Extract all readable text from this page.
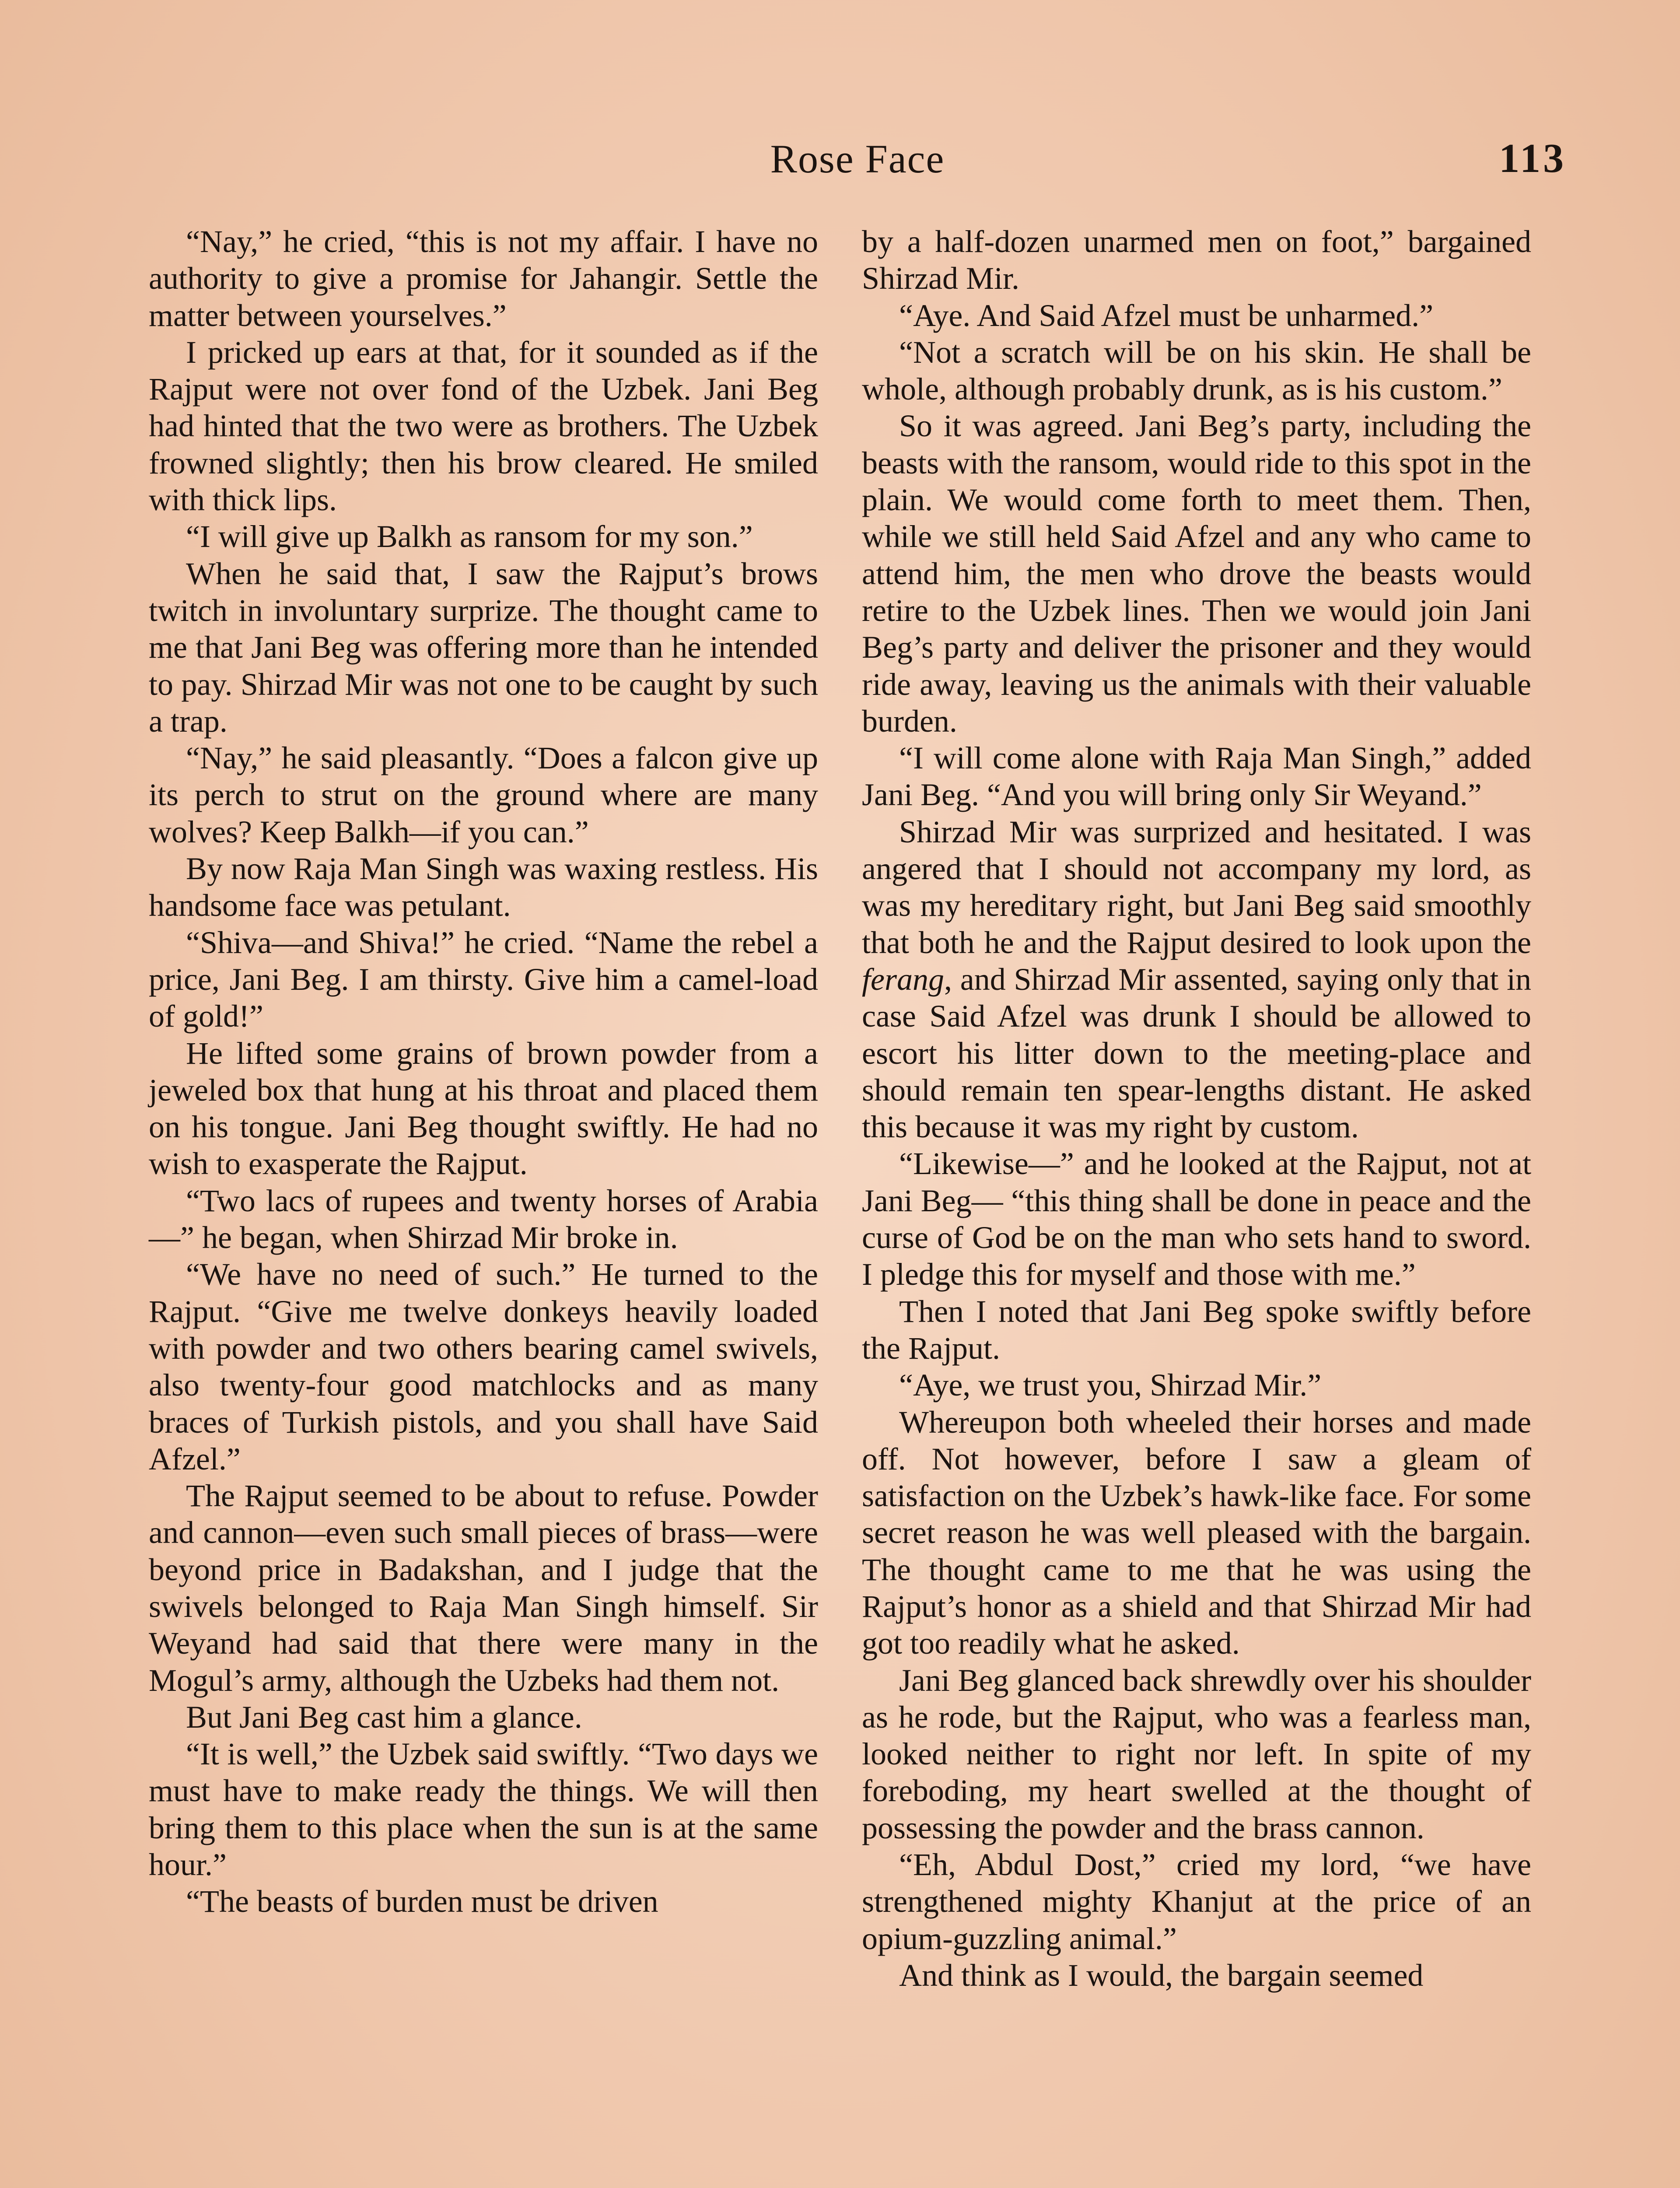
Rose Face	113

“Nay,” he cried, “this is not my affair. I have no authority to give a promise for Jahangir. Settle the matter between yourselves.”

I pricked up ears at that, for it sounded as if the Rajput were not over fond of the Uzbek. Jani Beg had hinted that the two were as brothers. The Uzbek frowned slightly; then his brow cleared. He smiled with thick lips.

“I will give up Balkh as ransom for my son.”

When he said that, I saw the Rajput’s brows twitch in involuntary surprize. The thought came to me that Jani Beg was offering more than he intended to pay. Shirzad Mir was not one to be caught by such a trap.

“Nay,” he said pleasantly. “Does a falcon give up its perch to strut on the ground where are many wolves? Keep Balkh—if you can.”

By now Raja Man Singh was waxing restless. His handsome face was petulant.

“Shiva—and Shiva!” he cried. “Name the rebel a price, Jani Beg. I am thirsty. Give him a camel-load of gold!”

He lifted some grains of brown powder from a jeweled box that hung at his throat and placed them on his tongue. Jani Beg thought swiftly. He had no wish to exasperate the Rajput.

“Two lacs of rupees and twenty horses of Arabia—” he began, when Shirzad Mir broke in.

“We have no need of such.” He turned to the Rajput. “Give me twelve donkeys heavily loaded with powder and two others bearing camel swivels, also twenty-four good matchlocks and as many braces of Turkish pistols, and you shall have Said Afzel.”

The Rajput seemed to be about to refuse. Powder and cannon—even such small pieces of brass—were beyond price in Badakshan, and I judge that the swivels belonged to Raja Man Singh himself. Sir Weyand had said that there were many in the Mogul’s army, although the Uzbeks had them not.

But Jani Beg cast him a glance.

“It is well,” the Uzbek said swiftly. “Two days we must have to make ready the things. We will then bring them to this place when the sun is at the same hour.”

“The beasts of burden must be driven

by a half-dozen unarmed men on foot,” bargained Shirzad Mir.

“Aye. And Said Afzel must be unharmed.”

“Not a scratch will be on his skin. He shall be whole, although probably drunk, as is his custom.”

So it was agreed. Jani Beg’s party, including the beasts with the ransom, would ride to this spot in the plain. We would come forth to meet them. Then, while we still held Said Afzel and any who came to attend him, the men who drove the beasts would retire to the Uzbek lines. Then we would join Jani Beg’s party and deliver the prisoner and they would ride away, leaving us the animals with their valuable burden.

“I will come alone with Raja Man Singh,” added Jani Beg. “And you will bring only Sir Weyand.”

Shirzad Mir was surprized and hesitated. I was angered that I should not accompany my lord, as was my hereditary right, but Jani Beg said smoothly that both he and the Rajput desired to look upon the ferang, and Shirzad Mir assented, saying only that in case Said Afzel was drunk I should be allowed to escort his litter down to the meeting-place and should remain ten spear-lengths distant. He asked this because it was my right by custom.

“Likewise—” and he looked at the Rajput, not at Jani Beg— “this thing shall be done in peace and the curse of God be on the man who sets hand to sword. I pledge this for myself and those with me.”

Then I noted that Jani Beg spoke swiftly before the Rajput.

“Aye, we trust you, Shirzad Mir.”

Whereupon both wheeled their horses and made off. Not however, before I saw a gleam of satisfaction on the Uzbek’s hawk-like face. For some secret reason he was well pleased with the bargain. The thought came to me that he was using the Rajput’s honor as a shield and that Shirzad Mir had got too readily what he asked.

Jani Beg glanced back shrewdly over his shoulder as he rode, but the Rajput, who was a fearless man, looked neither to right nor left. In spite of my foreboding, my heart swelled at the thought of possessing the powder and the brass cannon.

“Eh, Abdul Dost,” cried my lord, “we have strengthened mighty Khanjut at the price of an opium-guzzling animal.”

And think as I would, the bargain seemed
